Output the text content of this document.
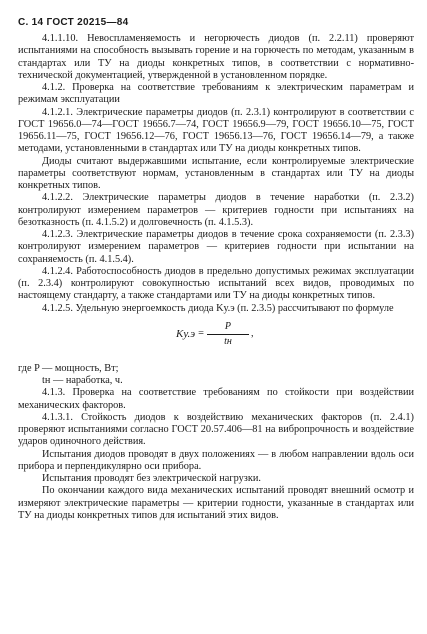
С. 14 ГОСТ 20215—84

4.1.1.10. Невоспламеняемость и негорючесть диодов (п. 2.2.11) проверяют испытаниями на способность вызывать горение и на горючесть по методам, указанным в стандартах или ТУ на диоды конкретных типов, в соответствии с нормативно-технической документацией, утвержденной в установленном порядке.

4.1.2. Проверка на соответствие требованиям к электрическим параметрам и режимам эксплуатации

4.1.2.1. Электрические параметры диодов (п. 2.3.1) контролируют в соответствии с ГОСТ 19656.0—74—ГОСТ 19656.7—74, ГОСТ 19656.9—79, ГОСТ 19656.10—75, ГОСТ 19656.11—75, ГОСТ 19656.12—76, ГОСТ 19656.13—76, ГОСТ 19656.14—79, а также методами, установленными в стандартах или ТУ на диоды конкретных типов.

Диоды считают выдержавшими испытание, если контролируемые электрические параметры соответствуют нормам, установленным в стандартах или ТУ на диоды конкретных типов.

4.1.2.2. Электрические параметры диодов в течение наработки (п. 2.3.2) контролируют измерением параметров — критериев годности при испытаниях на безотказность (п. 4.1.5.2) и долговечность (п. 4.1.5.3).

4.1.2.3. Электрические параметры диодов в течение срока сохраняемости (п. 2.3.3) контролируют измерением параметров — критериев годности при испытании на сохраняемость (п. 4.1.5.4).

4.1.2.4. Работоспособность диодов в предельно допустимых режимах эксплуатации (п. 2.3.4) контролируют совокупностью испытаний всех видов, проводимых по настоящему стандарту, а также стандартами или ТУ на диоды конкретных типов.

4.1.2.5. Удельную энергоемкость диода Kу.э (п. 2.3.5) рассчитывают по формуле

$Kу.э = \frac{P}{tн}$ ,
где P — мощность, Вт;
tн — наработка, ч.

4.1.3. Проверка на соответствие требованиям по стойкости при воздействии механических факторов.

4.1.3.1. Стойкость диодов к воздействию механических факторов (п. 2.4.1) проверяют испытаниями согласно ГОСТ 20.57.406—81 на вибропрочность и воздействие ударов одиночного действия.

Испытания диодов проводят в двух положениях — в любом направлении вдоль оси прибора и перпендикулярно оси прибора.

Испытания проводят без электрической нагрузки.

По окончании каждого вида механических испытаний проводят внешний осмотр и измеряют электрические параметры — критерии годности, указанные в стандартах или ТУ на диоды конкретных типов для испытаний этих видов.
